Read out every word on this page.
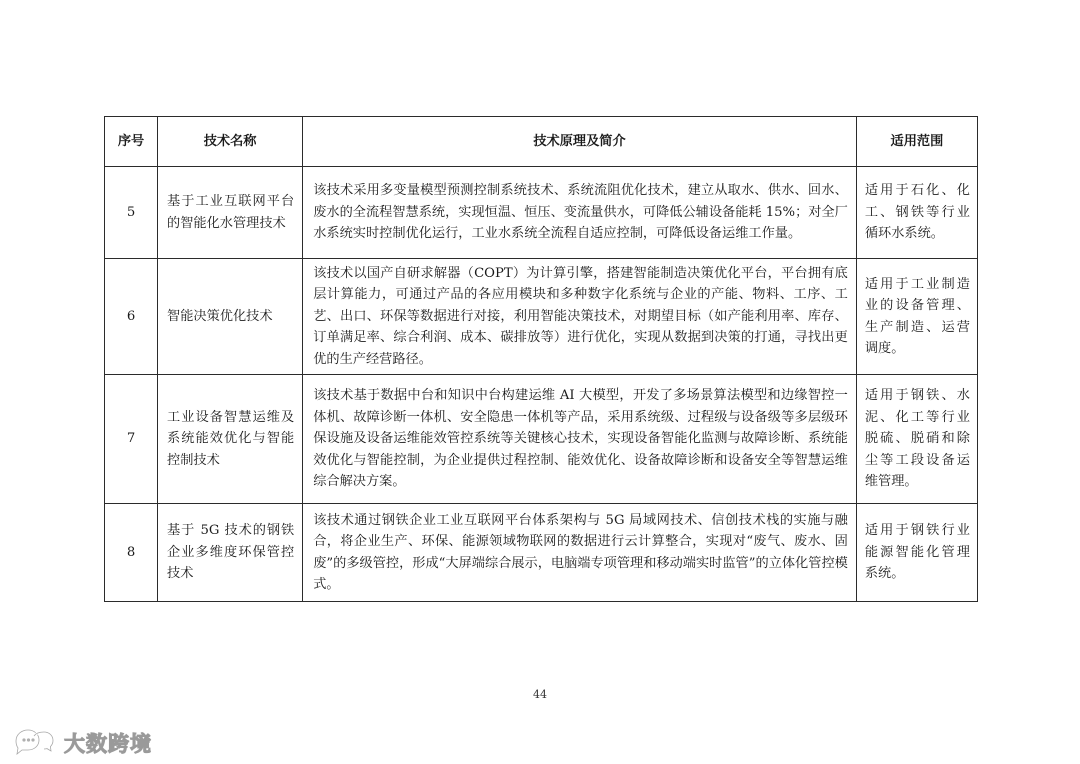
序号	技术名称	技术原理及简介	适用范围
5	基于工业互联网平台的智能化水管理技术	该技术采用多变量模型预测控制系统技术、系统流阻优化技术，建立从取水、供水、回水、废水的全流程智慧系统，实现恒温、恒压、变流量供水，可降低公辅设备能耗 15%；对全厂水系统实时控制优化运行，工业水系统全流程自适应控制，可降低设备运维工作量。	适用于石化、化工、钢铁等行业循环水系统。
6	智能决策优化技术	该技术以国产自研求解器（COPT）为计算引擎，搭建智能制造决策优化平台，平台拥有底层计算能力，可通过产品的各应用模块和多种数字化系统与企业的产能、物料、工序、工艺、出口、环保等数据进行对接，利用智能决策技术，对期望目标（如产能利用率、库存、订单满足率、综合利润、成本、碳排放等）进行优化，实现从数据到决策的打通，寻找出更优的生产经营路径。	适用于工业制造业的设备管理、生产制造、运营调度。
7	工业设备智慧运维及系统能效优化与智能控制技术	该技术基于数据中台和知识中台构建运维 AI 大模型，开发了多场景算法模型和边缘智控一体机、故障诊断一体机、安全隐患一体机等产品，采用系统级、过程级与设备级等多层级环保设施及设备运维能效管控系统等关键核心技术，实现设备智能化监测与故障诊断、系统能效优化与智能控制，为企业提供过程控制、能效优化、设备故障诊断和设备安全等智慧运维综合解决方案。	适用于钢铁、水泥、化工等行业脱硫、脱硝和除尘等工段设备运维管理。
8	基于 5G 技术的钢铁企业多维度环保管控技术	该技术通过钢铁企业工业互联网平台体系架构与 5G 局域网技术、信创技术栈的实施与融合，将企业生产、环保、能源领域物联网的数据进行云计算整合，实现对“废气、废水、固废”的多级管控，形成“大屏端综合展示，电脑端专项管理和移动端实时监管”的立体化管控模式。	适用于钢铁行业能源智能化管理系统。
44
大数跨境
